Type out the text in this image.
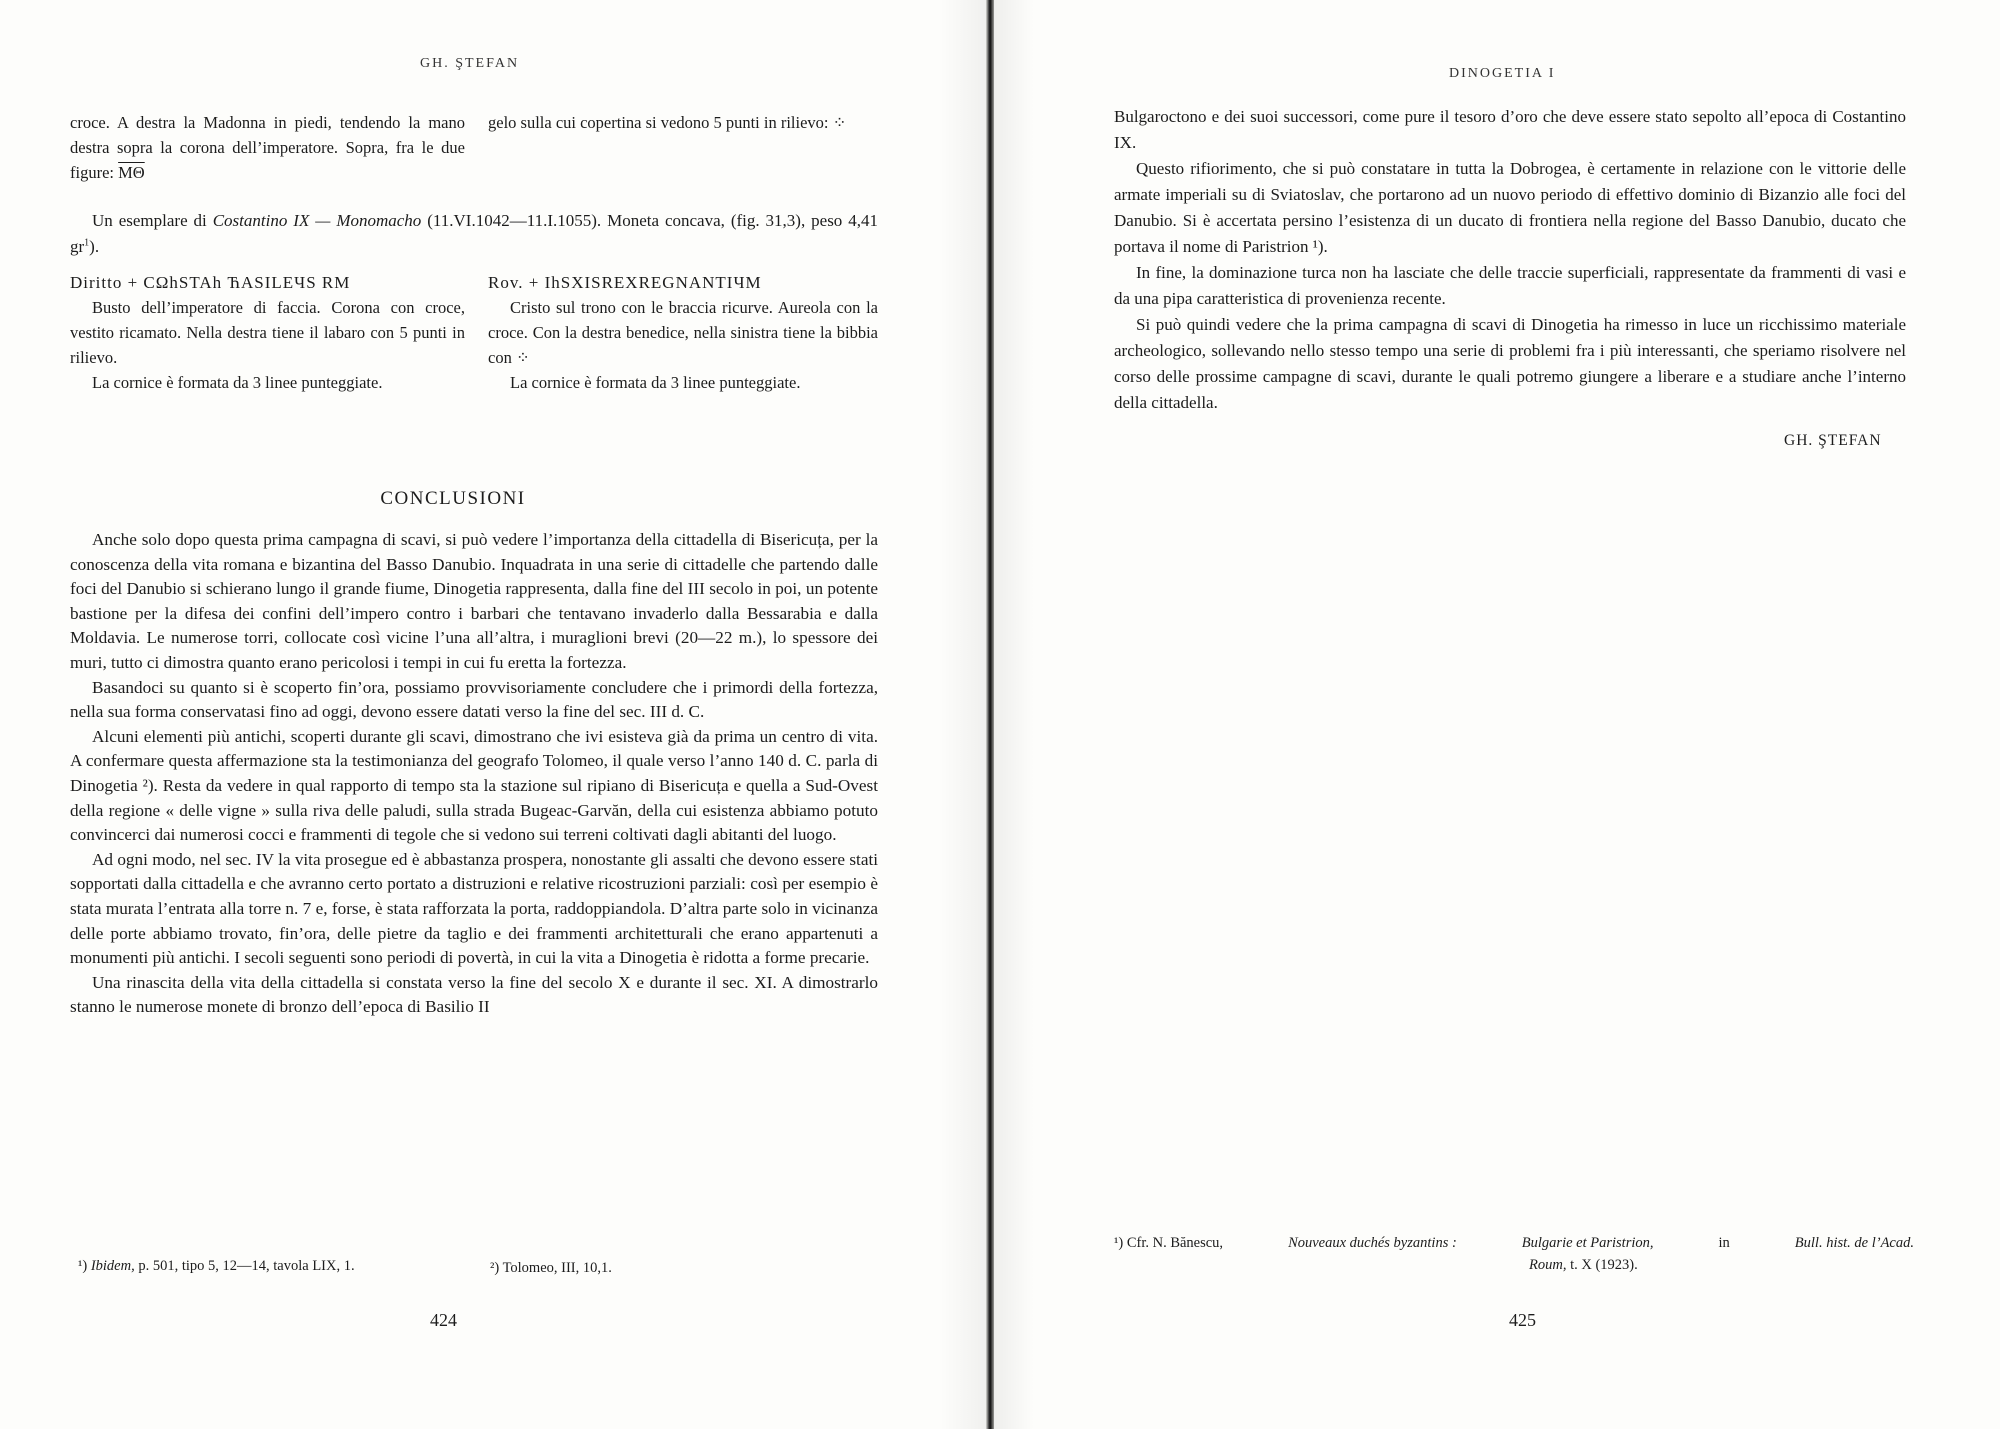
GH. ŞTEFAN

croce. A destra la Madonna in piedi, tendendo la mano destra sopra la corona dell’imperatore. Sopra, fra le due figure: $\overline{M\Theta}$

gelo sulla cui copertina si vedono 5 punti in rilievo: ⁘

Un esemplare di Costantino IX — Monomacho (11.VI.1042—11.I.1055). Moneta concava, (fig. 31,3), peso 4,41 $gr^1$).

Diritto + CΩhSTAh ЋASILEЧS RM

Busto dell’imperatore di faccia. Corona con croce, vestito ricamato. Nella destra tiene il labaro con 5 punti in rilievo.

La cornice è formata da 3 linee punteggiate.

Rov. + IhSXISREXREGNANTIЧM

Cristo sul trono con le braccia ricurve. Aureola con la croce. Con la destra benedice, nella sinistra tiene la bibbia con ⁘

La cornice è formata da 3 linee punteggiate.

CONCLUSIONI

Anche solo dopo questa prima campagna di scavi, si può vedere l’importanza della cittadella di Bisericuța, per la conoscenza della vita romana e bizantina del Basso Danubio. Inquadrata in una serie di cittadelle che partendo dalle foci del Danubio si schierano lungo il grande fiume, Dinogetia rappresenta, dalla fine del III secolo in poi, un potente bastione per la difesa dei confini dell’impero contro i barbari che tentavano invaderlo dalla Bessarabia e dalla Moldavia. Le numerose torri, collocate così vicine l’una all’altra, i muraglioni brevi (20—22 m.), lo spessore dei muri, tutto ci dimostra quanto erano pericolosi i tempi in cui fu eretta la fortezza.

Basandoci su quanto si è scoperto fin’ora, possiamo provvisoriamente concludere che i primordi della fortezza, nella sua forma conservatasi fino ad oggi, devono essere datati verso la fine del sec. III d. C.

Alcuni elementi più antichi, scoperti durante gli scavi, dimostrano che ivi esisteva già da prima un centro di vita. A confermare questa affermazione sta la testimonianza del geografo Tolomeo, il quale verso l’anno 140 d. C. parla di Dinogetia ²). Resta da vedere in qual rapporto di tempo sta la stazione sul ripiano di Bisericuța e quella a Sud-Ovest della regione « delle vigne » sulla riva delle paludi, sulla strada Bugeac-Garvăn, della cui esistenza abbiamo potuto convincerci dai numerosi cocci e frammenti di tegole che si vedono sui terreni coltivati dagli abitanti del luogo.

Ad ogni modo, nel sec. IV la vita prosegue ed è abbastanza prospera, nonostante gli assalti che devono essere stati sopportati dalla cittadella e che avranno certo portato a distruzioni e relative ricostruzioni parziali: così per esempio è stata murata l’entrata alla torre n. 7 e, forse, è stata rafforzata la porta, raddoppiandola. D’altra parte solo in vicinanza delle porte abbiamo trovato, fin’ora, delle pietre da taglio e dei frammenti architetturali che erano appartenuti a monumenti più antichi. I secoli seguenti sono periodi di povertà, in cui la vita a Dinogetia è ridotta a forme precarie.

Una rinascita della vita della cittadella si constata verso la fine del secolo X e durante il sec. XI. A dimostrarlo stanno le numerose monete di bronzo dell’epoca di Basilio II

¹) Ibidem, p. 501, tipo 5, 12—14, tavola LIX, 1.	²) Tolomeo, III, 10,1.
424
DINOGETIA I

Bulgaroctono e dei suoi successori, come pure il tesoro d’oro che deve essere stato sepolto all’epoca di Costantino IX.

Questo rifiorimento, che si può constatare in tutta la Dobrogea, è certamente in relazione con le vittorie delle armate imperiali su di Sviatoslav, che portarono ad un nuovo periodo di effettivo dominio di Bizanzio alle foci del Danubio. Si è accertata persino l’esistenza di un ducato di frontiera nella regione del Basso Danubio, ducato che portava il nome di Paristrion ¹).

In fine, la dominazione turca non ha lasciate che delle traccie superficiali, rappresentate da frammenti di vasi e da una pipa caratteristica di provenienza recente.

Si può quindi vedere che la prima campagna di scavi di Dinogetia ha rimesso in luce un ricchissimo materiale archeologico, sollevando nello stesso tempo una serie di problemi fra i più interessanti, che speriamo risolvere nel corso delle prossime campagne di scavi, durante le quali potremo giungere a liberare e a studiare anche l’interno della cittadella.

GH. ŞTEFAN
¹) Cfr. N. Bănescu,	Nouveaux duchés byzantins :	Bulgarie et Paristrion,	in	Bull. hist. de l’Acad.
Roum, t. X (1923).
425
